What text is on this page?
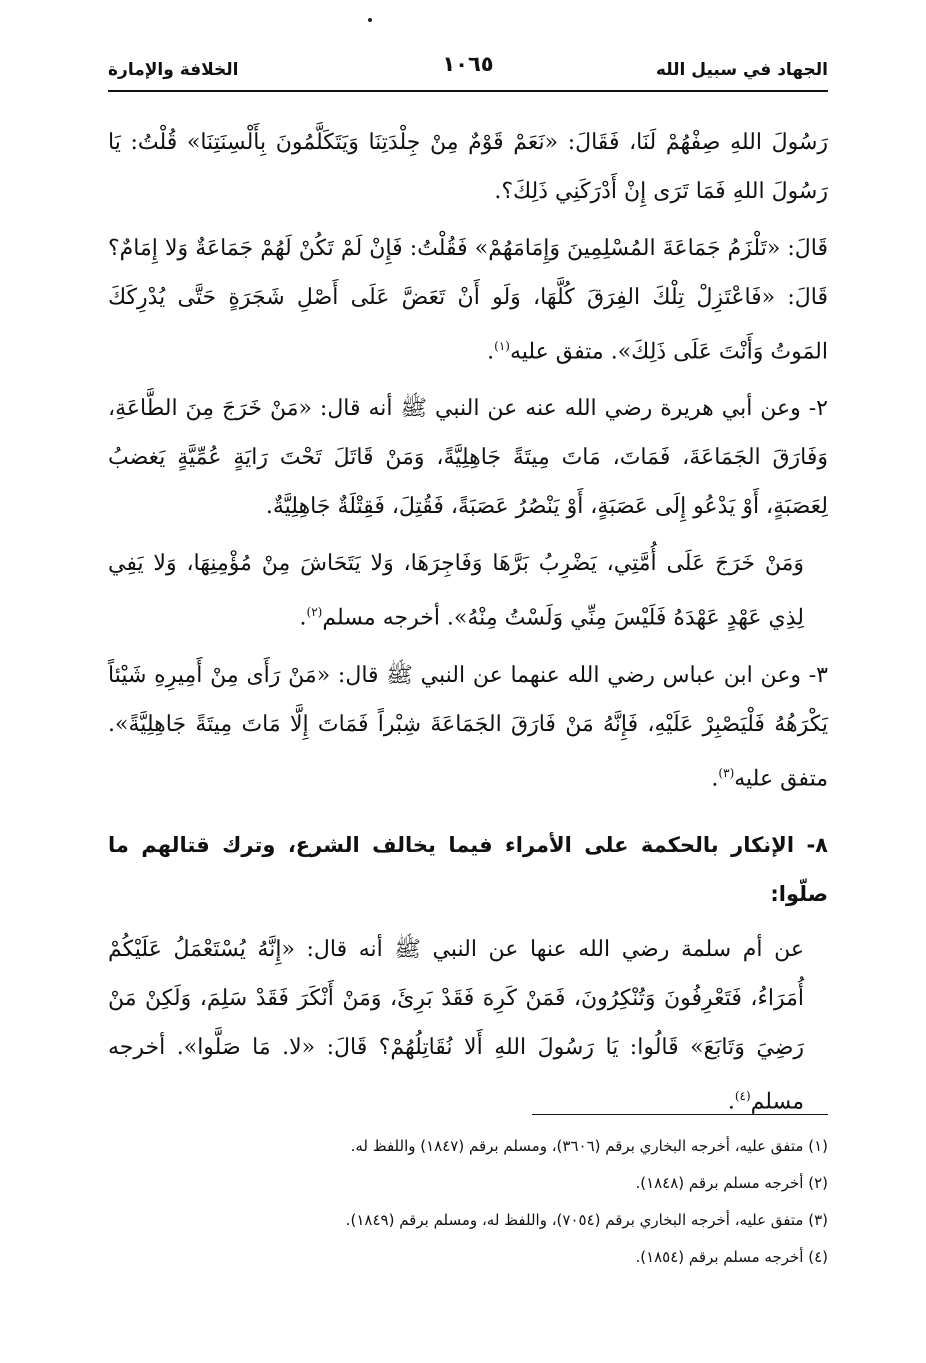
الجهاد في سبيل الله
١٠٦٥
الخلافة والإمارة

رَسُولَ اللهِ صِفْهُمْ لَنَا، فَقَالَ: «نَعَمْ قَوْمٌ مِنْ جِلْدَتِنَا وَيَتَكَلَّمُونَ بِأَلْسِنَتِنَا» قُلْتُ: يَا رَسُولَ اللهِ فَمَا تَرَى إِنْ أَدْرَكَنِي ذَلِكَ؟.

قَالَ: «تَلْزَمُ جَمَاعَةَ المُسْلِمِينَ وَإِمَامَهُمْ» فَقُلْتُ: فَإِنْ لَمْ تَكُنْ لَهُمْ جَمَاعَةٌ وَلا إِمَامٌ؟ قَالَ: «فَاعْتَزِلْ تِلْكَ الفِرَقَ كُلَّهَا، وَلَو أَنْ تَعَضَّ عَلَى أَصْلِ شَجَرَةٍ حَتَّى يُدْرِكَكَ المَوتُ وَأَنْتَ عَلَى ذَلِكَ». متفق عليه$^{(١)}$.

٢- وعن أبي هريرة رضي الله عنه عن النبي ﷺ أنه قال: «مَنْ خَرَجَ مِنَ الطَّاعَةِ، وَفَارَقَ الجَمَاعَةَ، فَمَاتَ، مَاتَ مِيتَةً جَاهِلِيَّةً، وَمَنْ قَاتَلَ تَحْتَ رَايَةٍ عُمِّيَّةٍ يَغضبُ لِعَصَبَةٍ، أَوْ يَدْعُو إِلَى عَصَبَةٍ، أَوْ يَنْصُرُ عَصَبَةً، فَقُتِلَ، فَقِتْلَةٌ جَاهِلِيَّةٌ.

وَمَنْ خَرَجَ عَلَى أُمَّتِي، يَضْرِبُ بَرَّهَا وَفَاجِرَهَا، وَلا يَتَحَاشَ مِنْ مُؤْمِنِهَا، وَلا يَفِي لِذِي عَهْدٍ عَهْدَهُ فَلَيْسَ مِنِّي وَلَسْتُ مِنْهُ». أخرجه مسلم$^{(٢)}$.

٣- وعن ابن عباس رضي الله عنهما عن النبي ﷺ قال: «مَنْ رَأَى مِنْ أَمِيرِهِ شَيْئاً يَكْرَهُهُ فَلْيَصْبِرْ عَلَيْهِ، فَإِنَّهُ مَنْ فَارَقَ الجَمَاعَةَ شِبْراً فَمَاتَ إِلَّا مَاتَ مِيتَةً جَاهِلِيَّةً». متفق عليه$^{(٣)}$.

٨- الإنكار بالحكمة على الأمراء فيما يخالف الشرع، وترك قتالهم ما صلّوا:

عن أم سلمة رضي الله عنها عن النبي ﷺ أنه قال: «إِنَّهُ يُسْتَعْمَلُ عَلَيْكُمْ أُمَرَاءُ، فَتَعْرِفُونَ وَتُنْكِرُونَ، فَمَنْ كَرِهَ فَقَدْ بَرِئَ، وَمَنْ أَنْكَرَ فَقَدْ سَلِمَ، وَلَكِنْ مَنْ رَضِيَ وَتَابَعَ» قَالُوا: يَا رَسُولَ اللهِ أَلا نُقَاتِلُهُمْ؟ قَالَ: «لا. مَا صَلَّوا». أخرجه مسلم$^{(٤)}$.

(١) متفق عليه، أخرجه البخاري برقم (٣٦٠٦)، ومسلم برقم (١٨٤٧) واللفظ له.
(٢) أخرجه مسلم برقم (١٨٤٨).
(٣) متفق عليه، أخرجه البخاري برقم (٧٠٥٤)، واللفظ له، ومسلم برقم (١٨٤٩).
(٤) أخرجه مسلم برقم (١٨٥٤).
